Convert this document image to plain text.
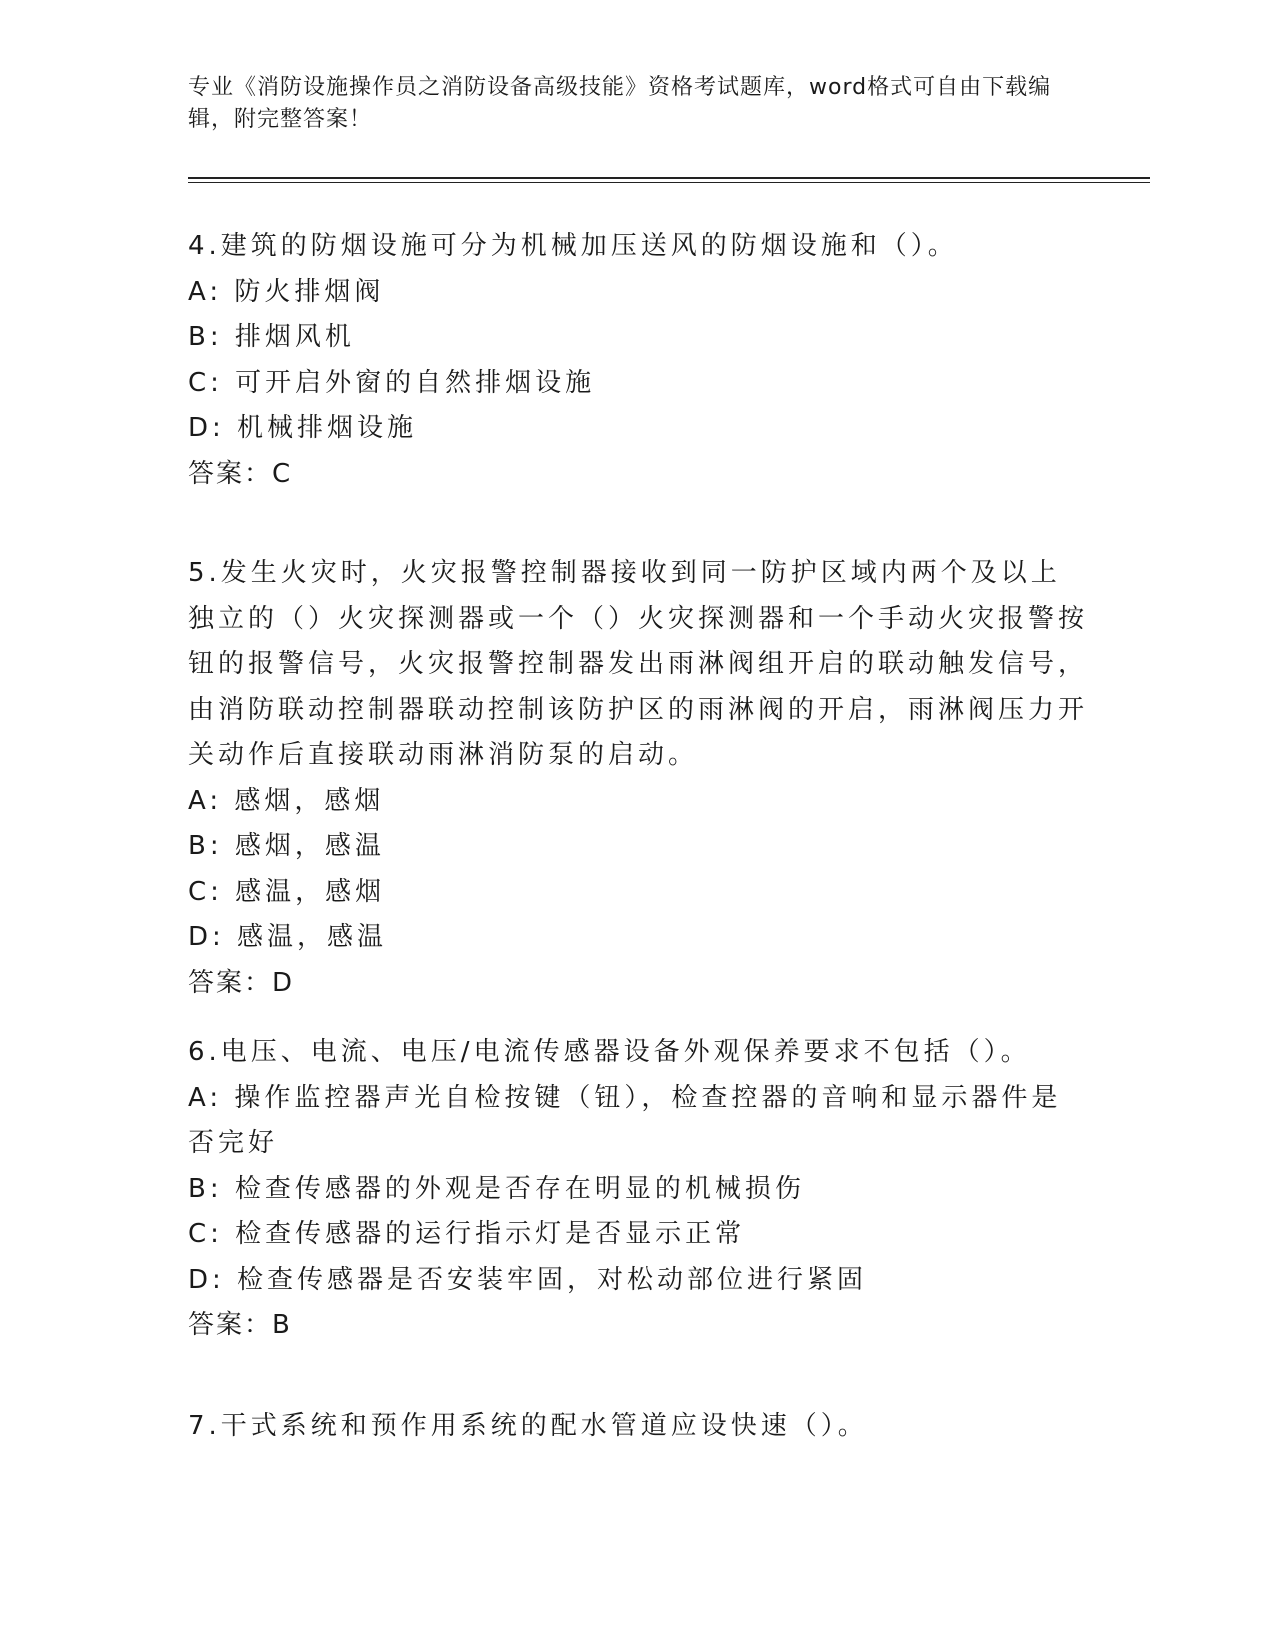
专业《消防设施操作员之消防设备高级技能》资格考试题库，word格式可自由下载编辑，附完整答案！

4.建筑的防烟设施可分为机械加压送风的防烟设施和（）。

A: 防火排烟阀

B: 排烟风机

C: 可开启外窗的自然排烟设施

D: 机械排烟设施

答案：C

5.发生火灾时，火灾报警控制器接收到同一防护区域内两个及以上独立的（）火灾探测器或一个（）火灾探测器和一个手动火灾报警按钮的报警信号，火灾报警控制器发出雨淋阀组开启的联动触发信号，由消防联动控制器联动控制该防护区的雨淋阀的开启，雨淋阀压力开关动作后直接联动雨淋消防泵的启动。

A: 感烟，感烟

B: 感烟，感温

C: 感温，感烟

D: 感温，感温

答案：D

6.电压、电流、电压/电流传感器设备外观保养要求不包括（）。

A: 操作监控器声光自检按键（钮），检查控器的音响和显示器件是否完好

B: 检查传感器的外观是否存在明显的机械损伤

C: 检查传感器的运行指示灯是否显示正常

D: 检查传感器是否安装牢固，对松动部位进行紧固

答案：B

7.干式系统和预作用系统的配水管道应设快速（）。
